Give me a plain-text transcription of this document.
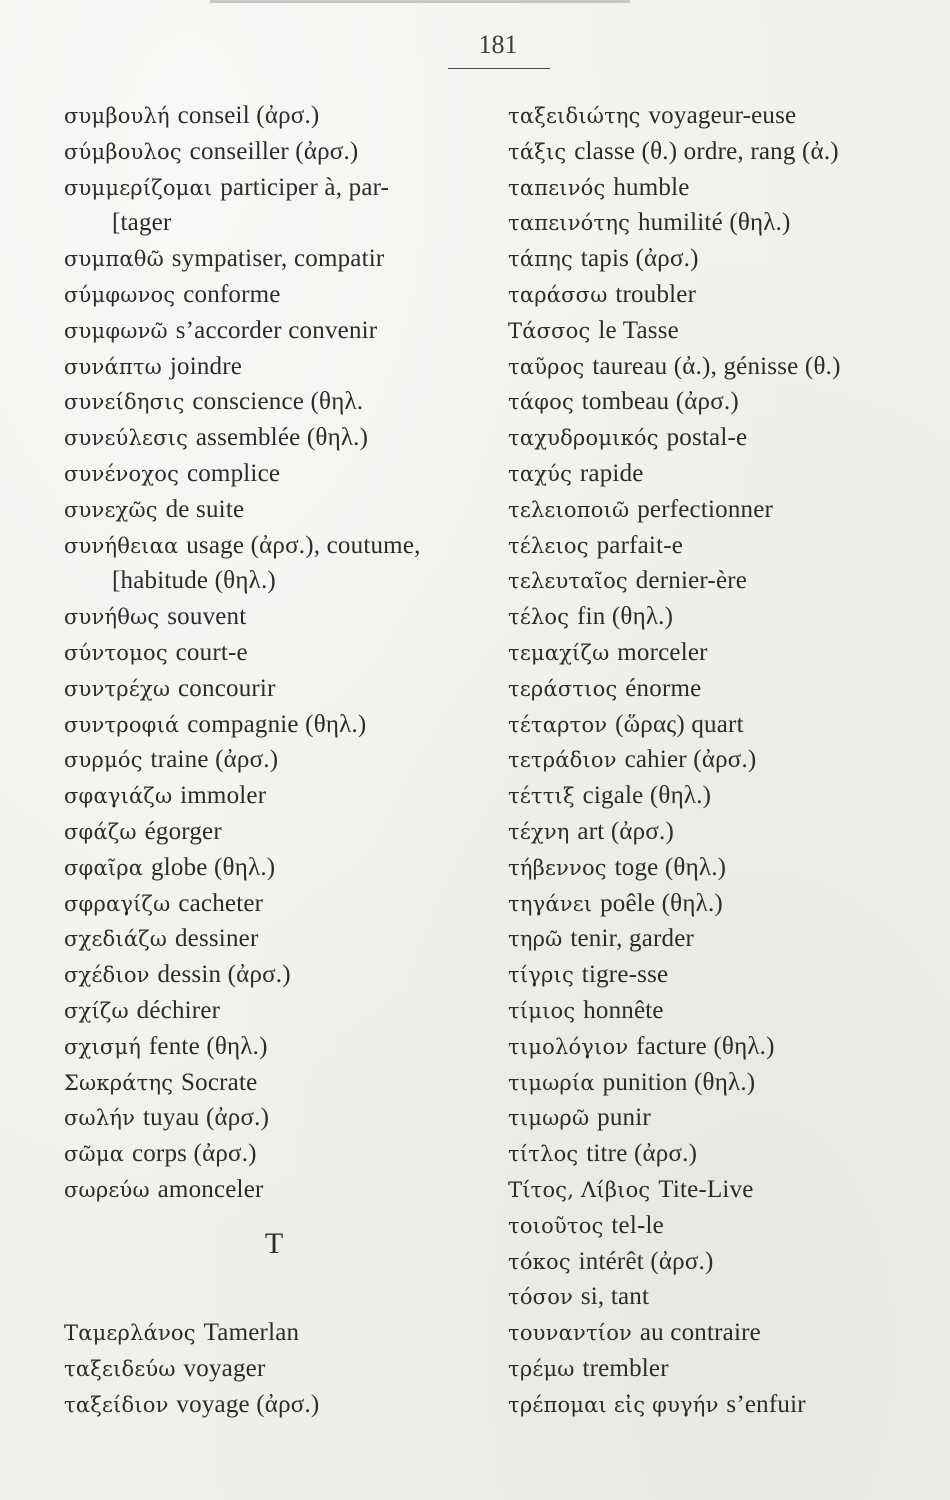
181
συμβουλή conseil (ἀρσ.)
σύμβουλος conseiller (ἀρσ.)
συμμερίζομαι participer à, par-
[tager
συμπαθῶ sympatiser, compatir
σύμφωνος conforme
συμφωνῶ s’accorder convenir
συνάπτω joindre
συνείδησις conscience (θηλ.
συνεύλεσις assemblée (θηλ.)
συνένοχος complice
συνεχῶς de suite
συνήθειαα usage (ἀρσ.), coutume,
[habitude (θηλ.)
συνήθως souvent
σύντομος court-e
συντρέχω concourir
συντροφιά compagnie (θηλ.)
συρμός traine (ἀρσ.)
σφαγιάζω immoler
σφάζω égorger
σφαῖρα globe (θηλ.)
σφραγίζω cacheter
σχεδιάζω dessiner
σχέδιον dessin (ἀρσ.)
σχίζω déchirer
σχισμή fente (θηλ.)
Σωκράτης Socrate
σωλήν tuyau (ἀρσ.)
σῶμα corps (ἀρσ.)
σωρεύω amonceler
T
Ταμερλάνος Tamerlan
ταξειδεύω voyager
ταξείδιον voyage (ἀρσ.)
ταξειδιώτης voyageur-euse
τάξις classe (θ.) ordre, rang (ἀ.)
ταπεινός humble
ταπεινότης humilité (θηλ.)
τάπης tapis (ἀρσ.)
ταράσσω troubler
Τάσσος le Tasse
ταῦρος taureau (ἀ.), génisse (θ.)
τάφος tombeau (ἀρσ.)
ταχυδρομικός postal-e
ταχύς rapide
τελειοποιῶ perfectionner
τέλειος parfait-e
τελευταῖος dernier-ère
τέλος fin (θηλ.)
τεμαχίζω morceler
τεράστιος énorme
τέταρτον (ὥρας) quart
τετράδιον cahier (ἀρσ.)
τέττιξ cigale (θηλ.)
τέχνη art (ἀρσ.)
τήβεννος toge (θηλ.)
τηγάνει poêle (θηλ.)
τηρῶ tenir, garder
τίγρις tigre-sse
τίμιος honnête
τιμολόγιον facture (θηλ.)
τιμωρία punition (θηλ.)
τιμωρῶ punir
τίτλος titre (ἀρσ.)
Τίτος, Λίβιος Tite-Live
τοιοῦτος tel-le
τόκος intérêt (ἀρσ.)
τόσον si, tant
τουναντίον au contraire
τρέμω trembler
τρέπομαι εἰς φυγήν s’enfuir
